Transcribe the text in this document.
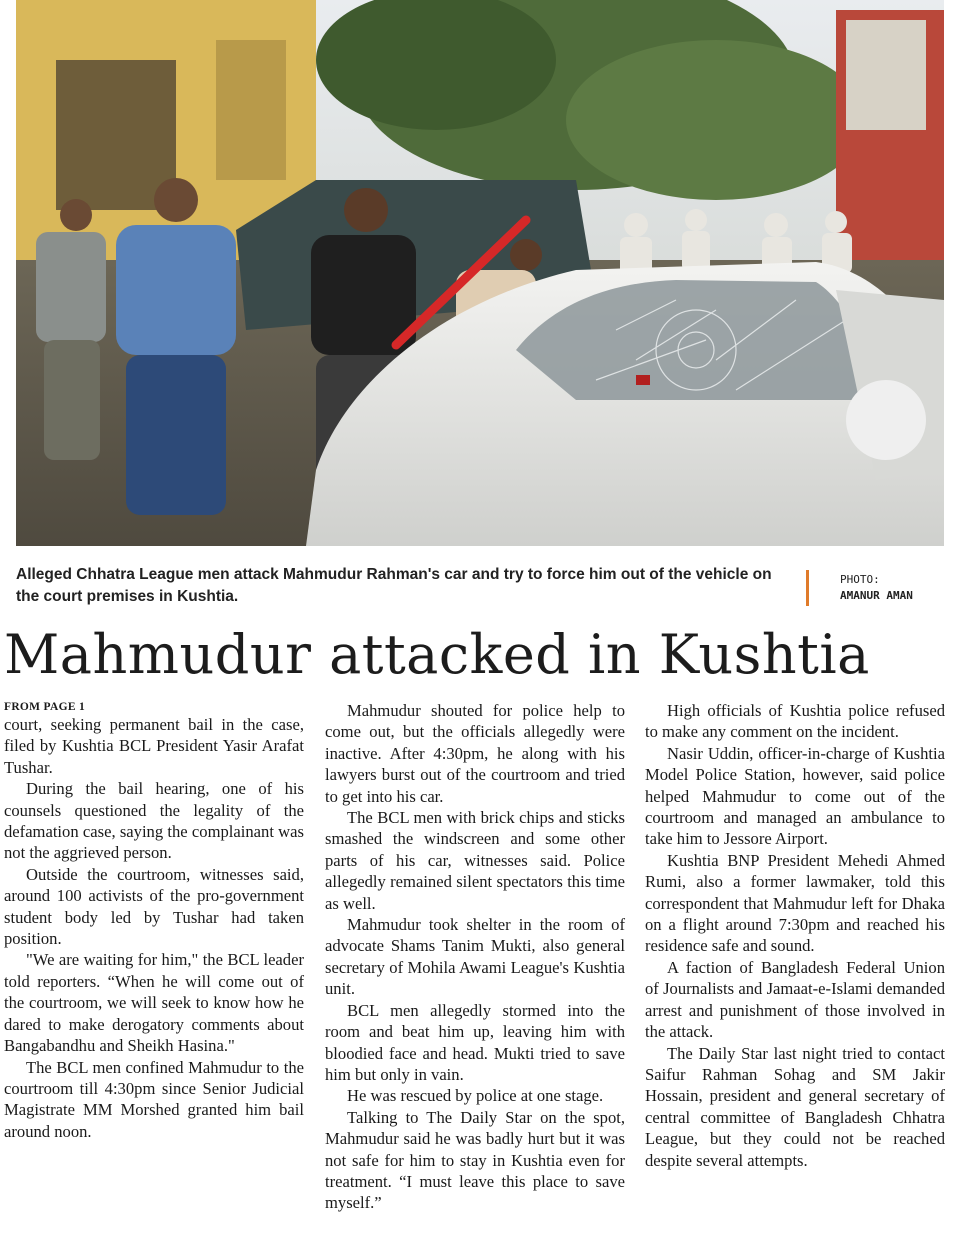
Alleged Chhatra League men attack Mahmudur Rahman's car and try to force him out of the vehicle on the court premises in Kushtia.
PHOTO:
AMANUR AMAN
Mahmudur attacked in Kushtia
FROM PAGE 1

court, seeking permanent bail in the case, filed by Kushtia BCL President Yasir Arafat Tushar.

During the bail hearing, one of his counsels questioned the legality of the defamation case, saying the complainant was not the aggrieved person.

Outside the courtroom, witnesses said, around 100 activists of the pro-government student body led by Tushar had taken position.

"We are waiting for him," the BCL leader told reporters. “When he will come out of the courtroom, we will seek to know how he dared to make derogatory comments about Bangabandhu and Sheikh Hasina."

The BCL men confined Mahmudur to the courtroom till 4:30pm since Senior Judicial Magistrate MM Morshed granted him bail around noon.

Mahmudur shouted for police help to come out, but the officials allegedly were inactive. After 4:30pm, he along with his lawyers burst out of the courtroom and tried to get into his car.

The BCL men with brick chips and sticks smashed the windscreen and some other parts of his car, witnesses said. Police allegedly remained silent spectators this time as well.

Mahmudur took shelter in the room of advocate Shams Tanim Mukti, also general secretary of Mohila Awami League's Kushtia unit.

BCL men allegedly stormed into the room and beat him up, leaving him with bloodied face and head. Mukti tried to save him but only in vain.

He was rescued by police at one stage.

Talking to The Daily Star on the spot, Mahmudur said he was badly hurt but it was not safe for him to stay in Kushtia even for treatment. “I must leave this place to save myself.”

High officials of Kushtia police refused to make any comment on the incident.

Nasir Uddin, officer-in-charge of Kushtia Model Police Station, however, said police helped Mahmudur to come out of the courtroom and managed an ambulance to take him to Jessore Airport.

Kushtia BNP President Mehedi Ahmed Rumi, also a former lawmaker, told this correspondent that Mahmudur left for Dhaka on a flight around 7:30pm and reached his residence safe and sound.

A faction of Bangladesh Federal Union of Journalists and Jamaat-e-Islami demanded arrest and punishment of those involved in the attack.

The Daily Star last night tried to contact Saifur Rahman Sohag and SM Jakir Hossain, president and general secretary of central committee of Bangladesh Chhatra League, but they could not be reached despite several attempts.
